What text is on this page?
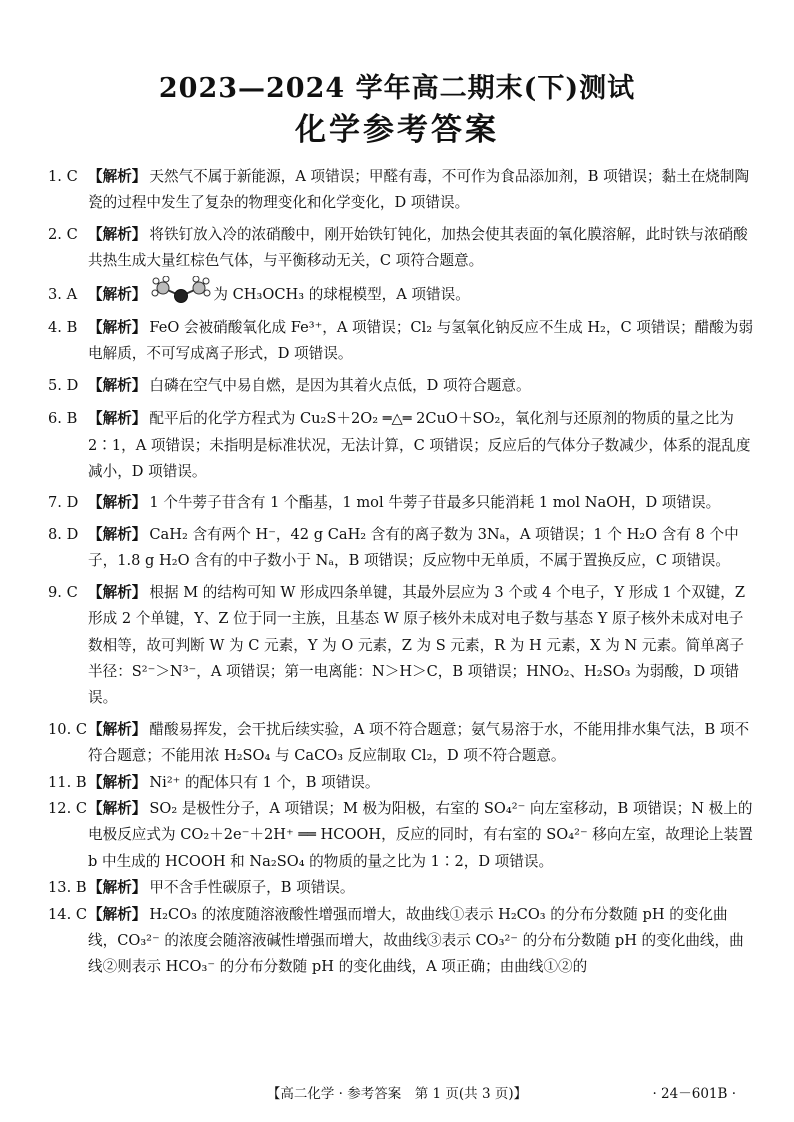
2023—2024 学年高二期末(下)测试
化学参考答案
1. C 【解析】 天然气不属于新能源，A 项错误；甲醛有毒，不可作为食品添加剂，B 项错误；黏土在烧制陶瓷的过程中发生了复杂的物理变化和化学变化，D 项错误。
2. C 【解析】 将铁钉放入冷的浓硝酸中，刚开始铁钉钝化，加热会使其表面的氧化膜溶解，此时铁与浓硝酸共热生成大量红棕色气体，与平衡移动无关，C 项符合题意。
3. A 【解析】	为 CH₃OCH₃ 的球棍模型，A 项错误。
4. B 【解析】 FeO 会被硝酸氧化成 Fe³⁺，A 项错误；Cl₂ 与氢氧化钠反应不生成 H₂，C 项错误；醋酸为弱电解质，不可写成离子形式，D 项错误。
5. D 【解析】 白磷在空气中易自燃，是因为其着火点低，D 项符合题意。
6. B 【解析】 配平后的化学方程式为 Cu₂S＋2O₂ ═△═ 2CuO＋SO₂，氧化剂与还原剂的物质的量之比为 2∶1，A 项错误；未指明是标准状况，无法计算，C 项错误；反应后的气体分子数减少，体系的混乱度减小，D 项错误。
7. D 【解析】 1 个牛蒡子苷含有 1 个酯基，1 mol 牛蒡子苷最多只能消耗 1 mol NaOH，D 项错误。
8. D 【解析】 CaH₂ 含有两个 H⁻，42 g CaH₂ 含有的离子数为 3Nₐ，A 项错误；1 个 H₂O 含有 8 个中子，1.8 g H₂O 含有的中子数小于 Nₐ，B 项错误；反应物中无单质，不属于置换反应，C 项错误。
9. C 【解析】 根据 M 的结构可知 W 形成四条单键，其最外层应为 3 个或 4 个电子，Y 形成 1 个双键，Z 形成 2 个单键，Y、Z 位于同一主族，且基态 W 原子核外未成对电子数与基态 Y 原子核外未成对电子数相等，故可判断 W 为 C 元素，Y 为 O 元素，Z 为 S 元素，R 为 H 元素，X 为 N 元素。简单离子半径：S²⁻＞N³⁻，A 项错误；第一电离能：N＞H＞C，B 项错误；HNO₂、H₂SO₃ 为弱酸，D 项错误。
10. C 【解析】 醋酸易挥发，会干扰后续实验，A 项不符合题意；氨气易溶于水，不能用排水集气法，B 项不符合题意；不能用浓 H₂SO₄ 与 CaCO₃ 反应制取 Cl₂，D 项不符合题意。
11. B 【解析】 Ni²⁺ 的配体只有 1 个，B 项错误。
12. C 【解析】 SO₂ 是极性分子，A 项错误；M 极为阳极，右室的 SO₄²⁻ 向左室移动，B 项错误；N 极上的电极反应式为 CO₂＋2e⁻＋2H⁺ ══ HCOOH，反应的同时，有右室的 SO₄²⁻ 移向左室，故理论上装置 b 中生成的 HCOOH 和 Na₂SO₄ 的物质的量之比为 1∶2，D 项错误。
13. B 【解析】 甲不含手性碳原子，B 项错误。
14. C 【解析】 H₂CO₃ 的浓度随溶液酸性增强而增大，故曲线①表示 H₂CO₃ 的分布分数随 pH 的变化曲线，CO₃²⁻ 的浓度会随溶液碱性增强而增大，故曲线③表示 CO₃²⁻ 的分布分数随 pH 的变化曲线，曲线②则表示 HCO₃⁻ 的分布分数随 pH 的变化曲线，A 项正确；由曲线①②的
【高二化学 · 参考答案　第 1 页(共 3 页)】	· 24－601B ·
